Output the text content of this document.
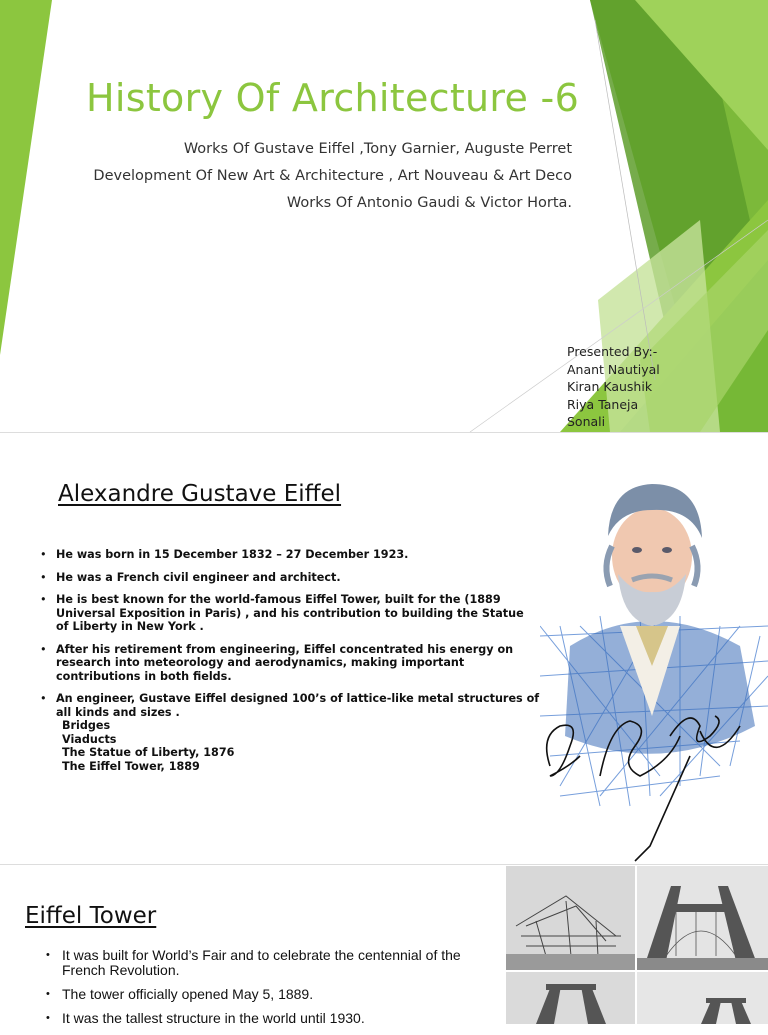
History Of Architecture -6
Works Of Gustave Eiffel ,Tony Garnier, Auguste Perret
Development Of New Art & Architecture , Art Nouveau & Art Deco
Works Of Antonio Gaudi & Victor Horta.
Presented By:-
Anant Nautiyal
Kiran Kaushik
Riya Taneja
Sonali
Alexandre Gustave Eiffel
• He was born in 15 December 1832 – 27 December 1923.
• He was a French civil engineer and architect.
• He is best known for the world-famous Eiffel Tower, built for the (1889 Universal Exposition in Paris) , and his contribution to building the Statue of Liberty in New York .
• After his retirement from engineering, Eiffel concentrated his energy on research into meteorology and aerodynamics, making important contributions in both fields.
• An engineer, Gustave Eiffel designed 100’s of lattice-like metal structures of all kinds and sizes .
Bridges
Viaducts
The Statue of Liberty, 1876
The Eiffel Tower, 1889
Eiffel Tower
• It was built for World’s Fair and to celebrate the centennial of the French Revolution.
• The tower officially opened May 5, 1889.
• It was the tallest structure in the world until 1930.
